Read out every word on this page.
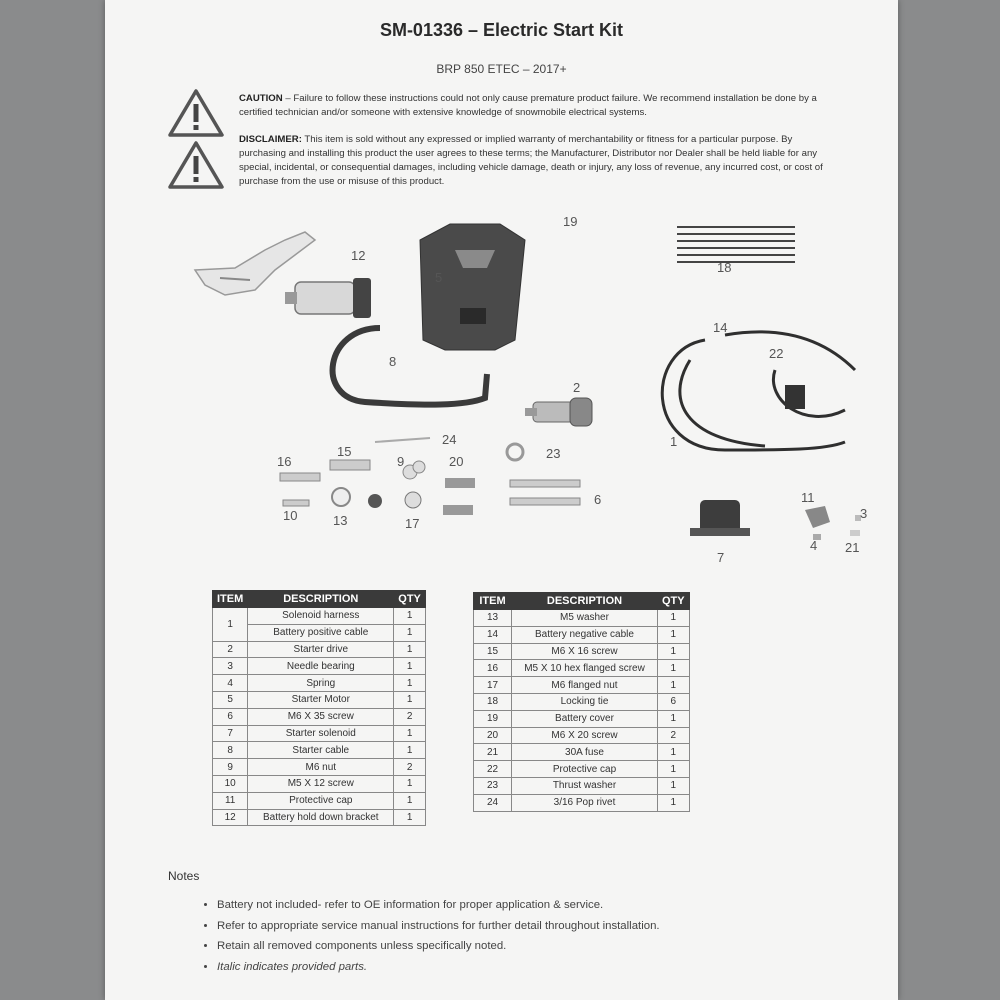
SM-01336 – Electric Start Kit
BRP 850 ETEC – 2017+
CAUTION – Failure to follow these instructions could not only cause premature product failure. We recommend installation be done by a certified technician and/or someone with extensive knowledge of snowmobile electrical systems.
DISCLAIMER: This item is sold without any expressed or implied warranty of merchantability or fitness for a particular purpose. By purchasing and installing this product the user agrees to these terms; the Manufacturer, Distributor nor Dealer shall be held liable for any special, incidental, or consequential damages, including vehicle damage, death or injury, any loss of revenue, any incurred cost, or cost of purchase from the use or misuse of this product.
12
5
19
18
8
14
22
2
1
24
23
16
15
9	20
6
10	13	17
11
3
4 21
7
ITEM	DESCRIPTION	QTY
1	Solenoid harness	1
	Battery positive cable	1
2	Starter drive	1
3	Needle bearing	1
4	Spring	1
5	Starter Motor	1
6	M6 X 35 screw	2
7	Starter solenoid	1
8	Starter cable	1
9	M6 nut	2
10	M5 X 12 screw	1
11	Protective cap	1
12	Battery hold down bracket	1
ITEM	DESCRIPTION	QTY
13	M5 washer	1
14	Battery negative cable	1
15	M6 X 16 screw	1
16	M5 X 10 hex flanged screw	1
17	M6 flanged nut	1
18	Locking tie	6
19	Battery cover	1
20	M6 X 20 screw	2
21	30A fuse	1
22	Protective cap	1
23	Thrust washer	1
24	3/16 Pop rivet	1
Notes
• Battery not included- refer to OE information for proper application & service.
• Refer to appropriate service manual instructions for further detail throughout installation.
• Retain all removed components unless specifically noted.
• Italic indicates provided parts.
